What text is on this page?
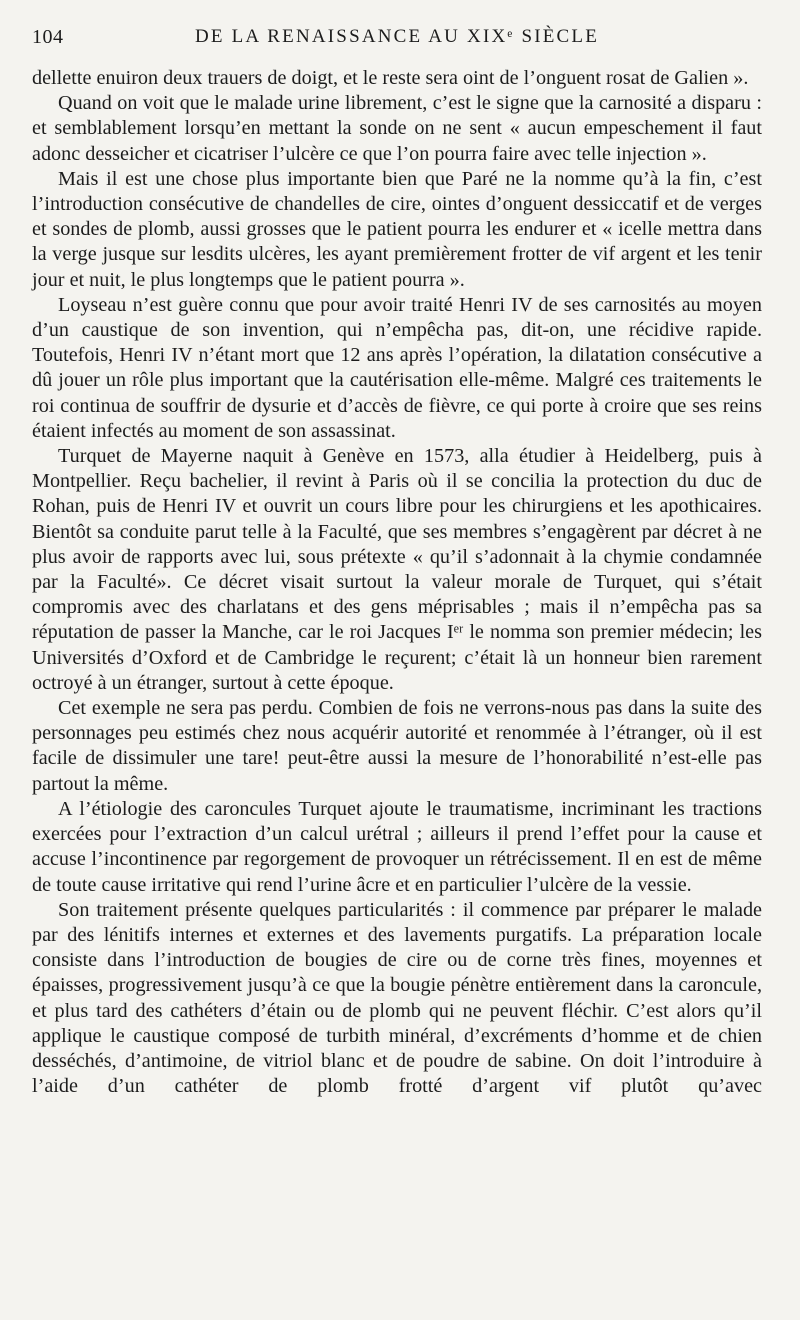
104	DE LA RENAISSANCE AU XIXᵉ SIÈCLE

dellette enuiron deux trauers de doigt, et le reste sera oint de l’onguent rosat de Galien ».

Quand on voit que le malade urine librement, c’est le signe que la carnosité a disparu : et semblablement lorsqu’en mettant la sonde on ne sent « aucun empeschement il faut adonc desseicher et cicatriser l’ulcère ce que l’on pourra faire avec telle injection ».

Mais il est une chose plus importante bien que Paré ne la nomme qu’à la fin, c’est l’introduction consécutive de chandelles de cire, ointes d’onguent dessiccatif et de verges et sondes de plomb, aussi grosses que le patient pourra les endurer et « icelle mettra dans la verge jusque sur lesdits ulcères, les ayant premièrement frotter de vif argent et les tenir jour et nuit, le plus longtemps que le patient pourra ».

Loyseau n’est guère connu que pour avoir traité Henri IV de ses carnosités au moyen d’un caustique de son invention, qui n’empêcha pas, dit-on, une récidive rapide. Toutefois, Henri IV n’étant mort que 12 ans après l’opération, la dilatation consécutive a dû jouer un rôle plus important que la cautérisation elle-même. Malgré ces traitements le roi continua de souffrir de dysurie et d’accès de fièvre, ce qui porte à croire que ses reins étaient infectés au moment de son assassinat.

Turquet de Mayerne naquit à Genève en 1573, alla étudier à Heidelberg, puis à Montpellier. Reçu bachelier, il revint à Paris où il se concilia la protection du duc de Rohan, puis de Henri IV et ouvrit un cours libre pour les chirurgiens et les apothicaires. Bientôt sa conduite parut telle à la Faculté, que ses membres s’engagèrent par décret à ne plus avoir de rapports avec lui, sous prétexte « qu’il s’adonnait à la chymie condamnée par la Faculté». Ce décret visait surtout la valeur morale de Turquet, qui s’était compromis avec des charlatans et des gens méprisables ; mais il n’empêcha pas sa réputation de passer la Manche, car le roi Jacques Iᵉʳ le nomma son premier médecin; les Universités d’Oxford et de Cambridge le reçurent; c’était là un honneur bien rarement octroyé à un étranger, surtout à cette époque.

Cet exemple ne sera pas perdu. Combien de fois ne verrons-nous pas dans la suite des personnages peu estimés chez nous acquérir autorité et renommée à l’étranger, où il est facile de dissimuler une tare! peut-être aussi la mesure de l’honorabilité n’est-elle pas partout la même.

A l’étiologie des caroncules Turquet ajoute le traumatisme, incriminant les tractions exercées pour l’extraction d’un calcul urétral ; ailleurs il prend l’effet pour la cause et accuse l’incontinence par regorgement de provoquer un rétrécissement. Il en est de même de toute cause irritative qui rend l’urine âcre et en particulier l’ulcère de la vessie.

Son traitement présente quelques particularités : il commence par préparer le malade par des lénitifs internes et externes et des lavements purgatifs. La préparation locale consiste dans l’introduction de bougies de cire ou de corne très fines, moyennes et épaisses, progressivement jusqu’à ce que la bougie pénètre entièrement dans la caroncule, et plus tard des cathéters d’étain ou de plomb qui ne peuvent fléchir. C’est alors qu’il applique le caustique composé de turbith minéral, d’excréments d’homme et de chien desséchés, d’antimoine, de vitriol blanc et de poudre de sabine. On doit l’introduire à l’aide d’un cathéter de plomb frotté d’argent vif plutôt qu’avec
